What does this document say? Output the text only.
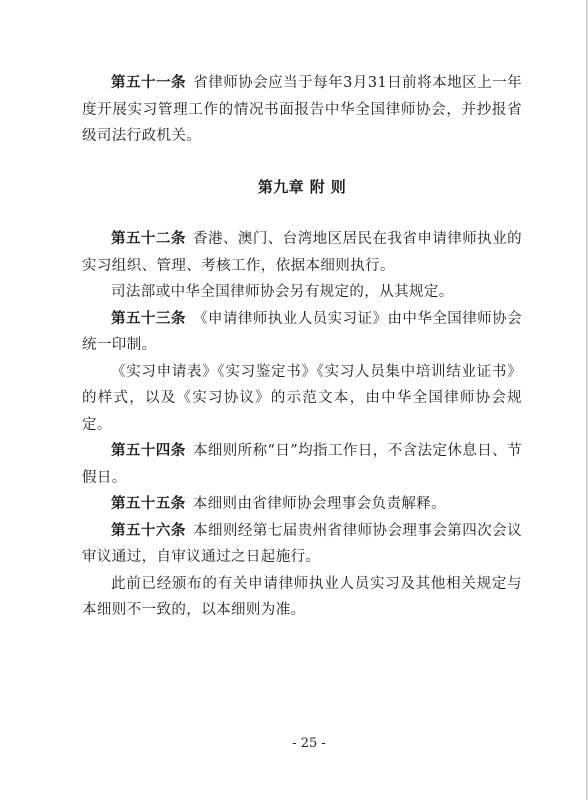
第五十一条 省律师协会应当于每年3月31日前将本地区上一年度开展实习管理工作的情况书面报告中华全国律师协会，并抄报省级司法行政机关。

第九章 附 则

第五十二条 香港、澳门、台湾地区居民在我省申请律师执业的实习组织、管理、考核工作，依据本细则执行。

司法部或中华全国律师协会另有规定的，从其规定。

第五十三条 《申请律师执业人员实习证》由中华全国律师协会统一印制。

《实习申请表》《实习鉴定书》《实习人员集中培训结业证书》的样式，以及《实习协议》的示范文本，由中华全国律师协会规定。

第五十四条 本细则所称“日”均指工作日，不含法定休息日、节假日。

第五十五条 本细则由省律师协会理事会负责解释。

第五十六条 本细则经第七届贵州省律师协会理事会第四次会议审议通过，自审议通过之日起施行。

此前已经颁布的有关申请律师执业人员实习及其他相关规定与本细则不一致的，以本细则为准。

- 25 -
